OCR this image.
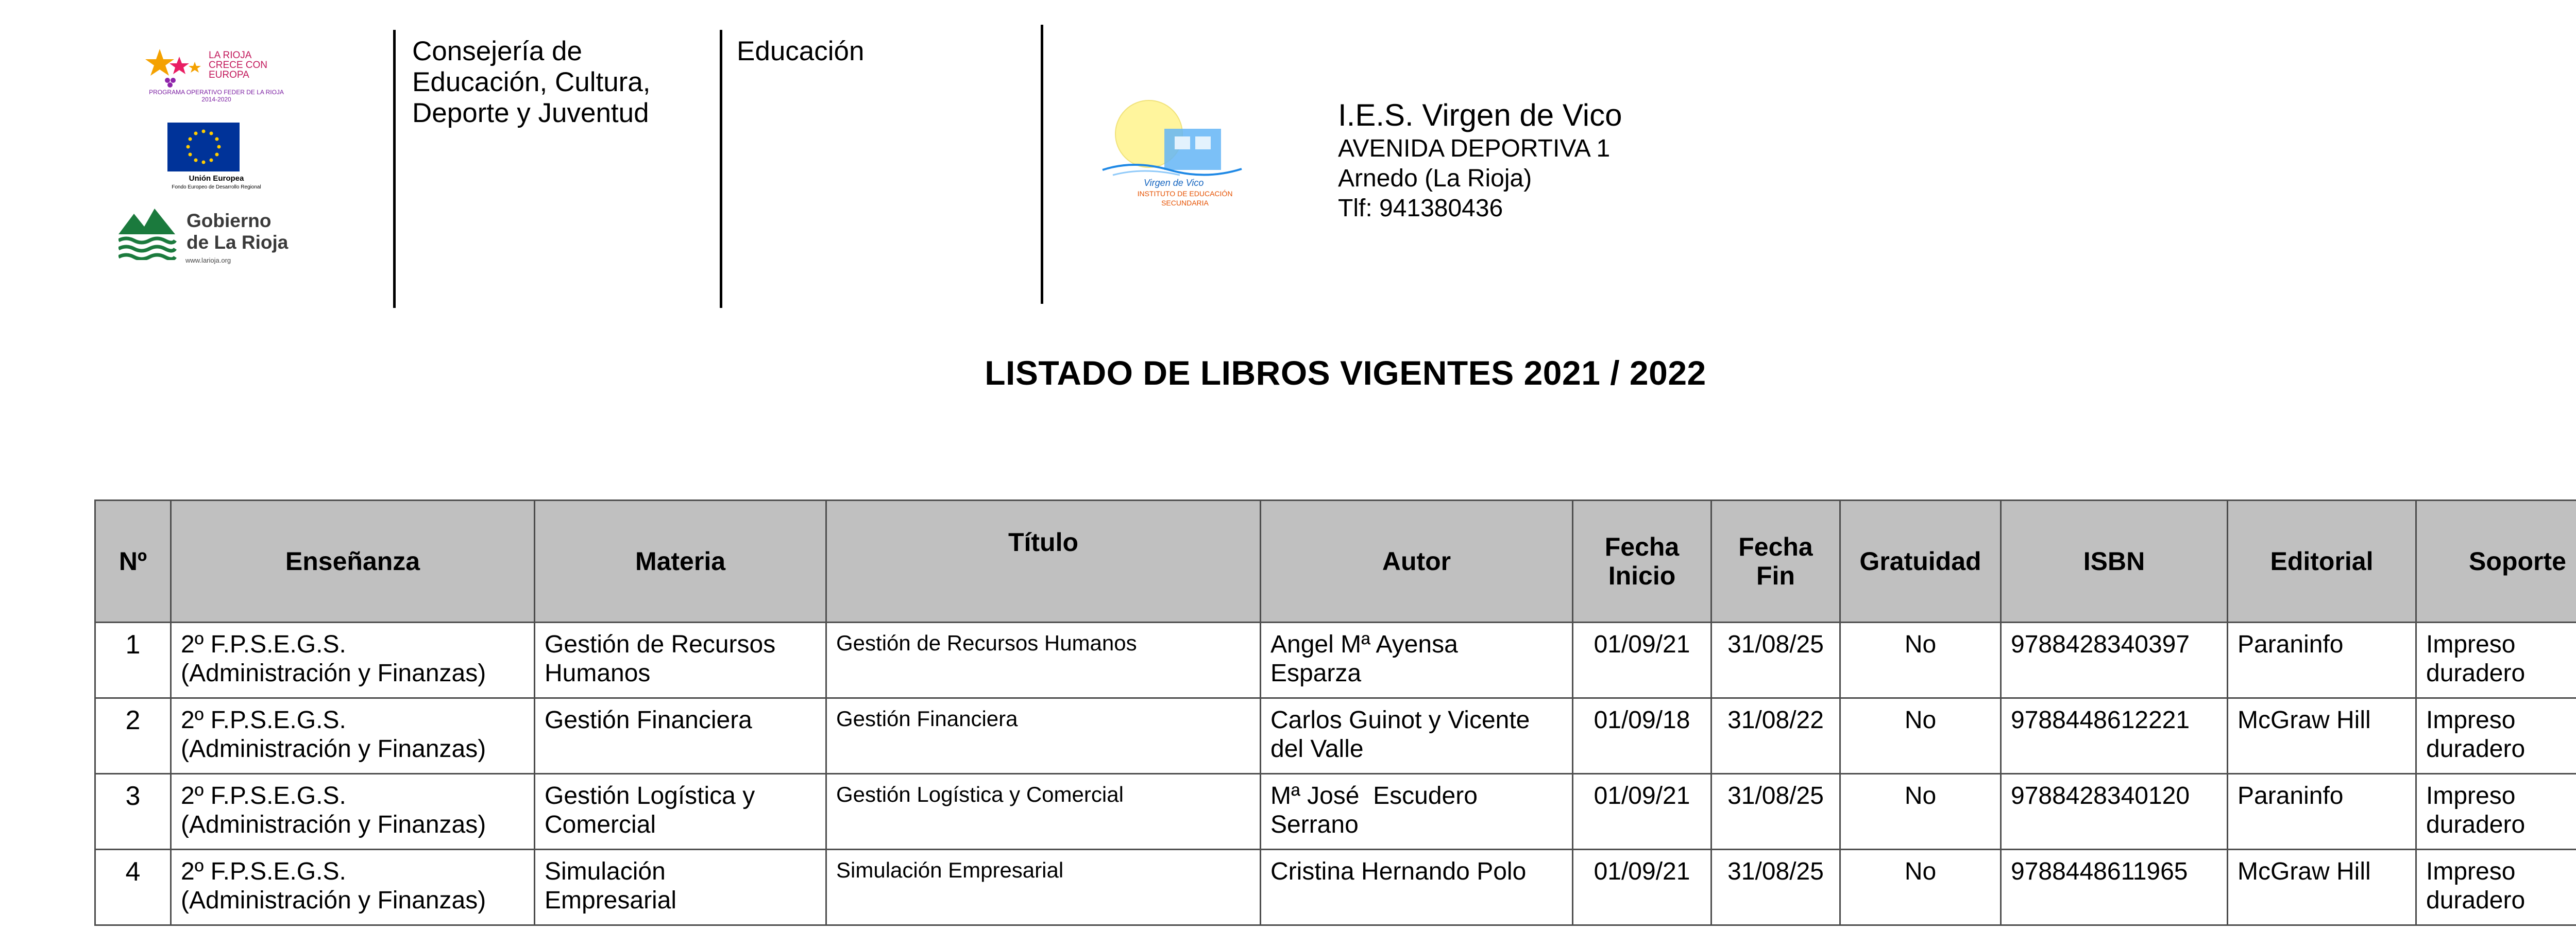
LA RIOJA
CRECE CON
EUROPA
PROGRAMA OPERATIVO FEDER DE LA RIOJA
2014-2020
Unión Europea
Fondo Europeo de Desarrollo Regional
Gobierno
de La Rioja
www.larioja.org
Consejería de
Educación, Cultura,
Deporte y Juventud
Educación
Virgen de Vico
INSTITUTO DE EDUCACIÓN
SECUNDARIA
I.E.S. Virgen de Vico
AVENIDA DEPORTIVA 1
Arnedo (La Rioja)
Tlf: 941380436
LISTADO DE LIBROS VIGENTES 2021 / 2022
Nº	Enseñanza	Materia	Título	Autor	Fecha
Inicio	Fecha
Fin	Gratuidad	ISBN	Editorial	Soporte
1	2º F.P.S.E.G.S.
(Administración y Finanzas)	Gestión de Recursos
Humanos	Gestión de Recursos Humanos	Angel Mª Ayensa
Esparza	01/09/21	31/08/25	No	9788428340397	Paraninfo	Impreso
duradero
2	2º F.P.S.E.G.S.
(Administración y Finanzas)	Gestión Financiera	Gestión Financiera	Carlos Guinot y Vicente
del Valle	01/09/18	31/08/22	No	9788448612221	McGraw Hill	Impreso
duradero
3	2º F.P.S.E.G.S.
(Administración y Finanzas)	Gestión Logística y
Comercial	Gestión Logística y Comercial	Mª José  Escudero
Serrano	01/09/21	31/08/25	No	9788428340120	Paraninfo	Impreso
duradero
4	2º F.P.S.E.G.S.
(Administración y Finanzas)	Simulación
Empresarial	Simulación Empresarial	Cristina Hernando Polo	01/09/21	31/08/25	No	9788448611965	McGraw Hill	Impreso
duradero
